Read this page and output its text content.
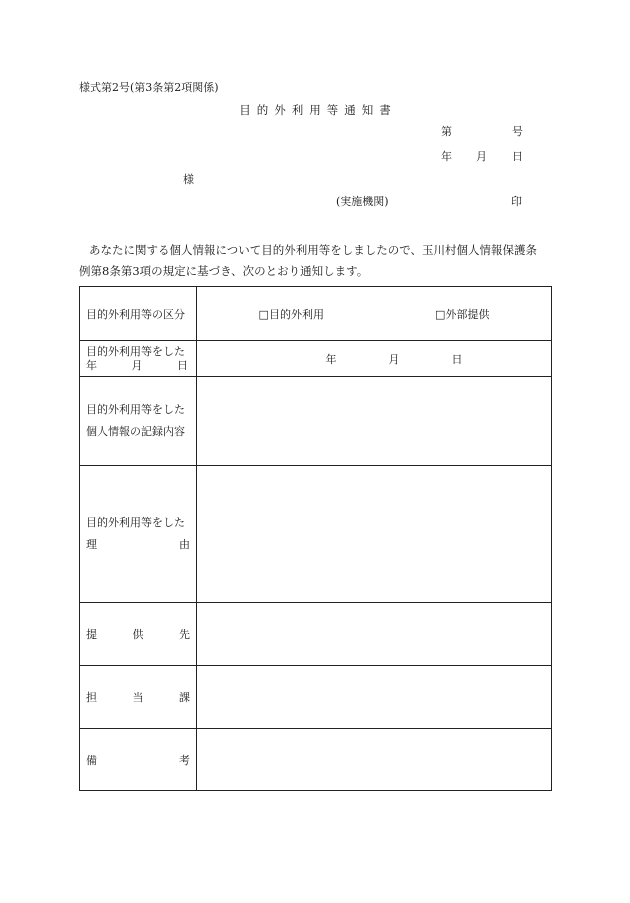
様式第2号(第3条第2項関係)
目的外利用等通知書
第	号
年 月 日
様
(実施機関)	印
あなたに関する個人情報について目的外利用等をしましたので、玉川村個人情報保護条
例第8条第3項の規定に基づき、次のとおり通知します。
目的外利用等の区分	□目的外利用 □外部提供

目的外利用等をした
年 月 日	年 月 日

目的外利用等をした
個人情報の記録内容	

目的外利用等をした
理 由	

提 供 先	

担 当 課	

備 考	
